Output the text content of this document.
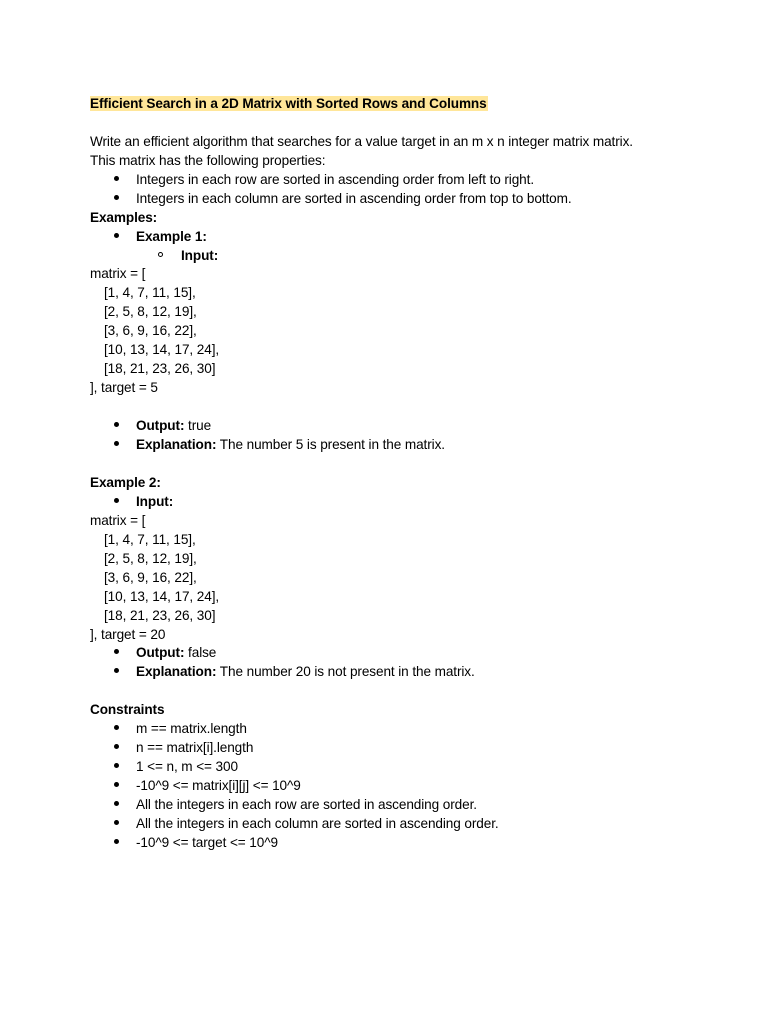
Efficient Search in a 2D Matrix with Sorted Rows and Columns
Write an efficient algorithm that searches for a value target in an m x n integer matrix matrix.
This matrix has the following properties:
Integers in each row are sorted in ascending order from left to right.
Integers in each column are sorted in ascending order from top to bottom.
Examples:
Example 1:
Input:
matrix = [
[1, 4, 7, 11, 15],
[2, 5, 8, 12, 19],
[3, 6, 9, 16, 22],
[10, 13, 14, 17, 24],
[18, 21, 23, 26, 30]
], target = 5
Output: true
Explanation: The number 5 is present in the matrix.
Example 2:
Input:
matrix = [
[1, 4, 7, 11, 15],
[2, 5, 8, 12, 19],
[3, 6, 9, 16, 22],
[10, 13, 14, 17, 24],
[18, 21, 23, 26, 30]
], target = 20
Output: false
Explanation: The number 20 is not present in the matrix.
Constraints
m == matrix.length
n == matrix[i].length
1 <= n, m <= 300
-10^9 <= matrix[i][j] <= 10^9
All the integers in each row are sorted in ascending order.
All the integers in each column are sorted in ascending order.
-10^9 <= target <= 10^9
